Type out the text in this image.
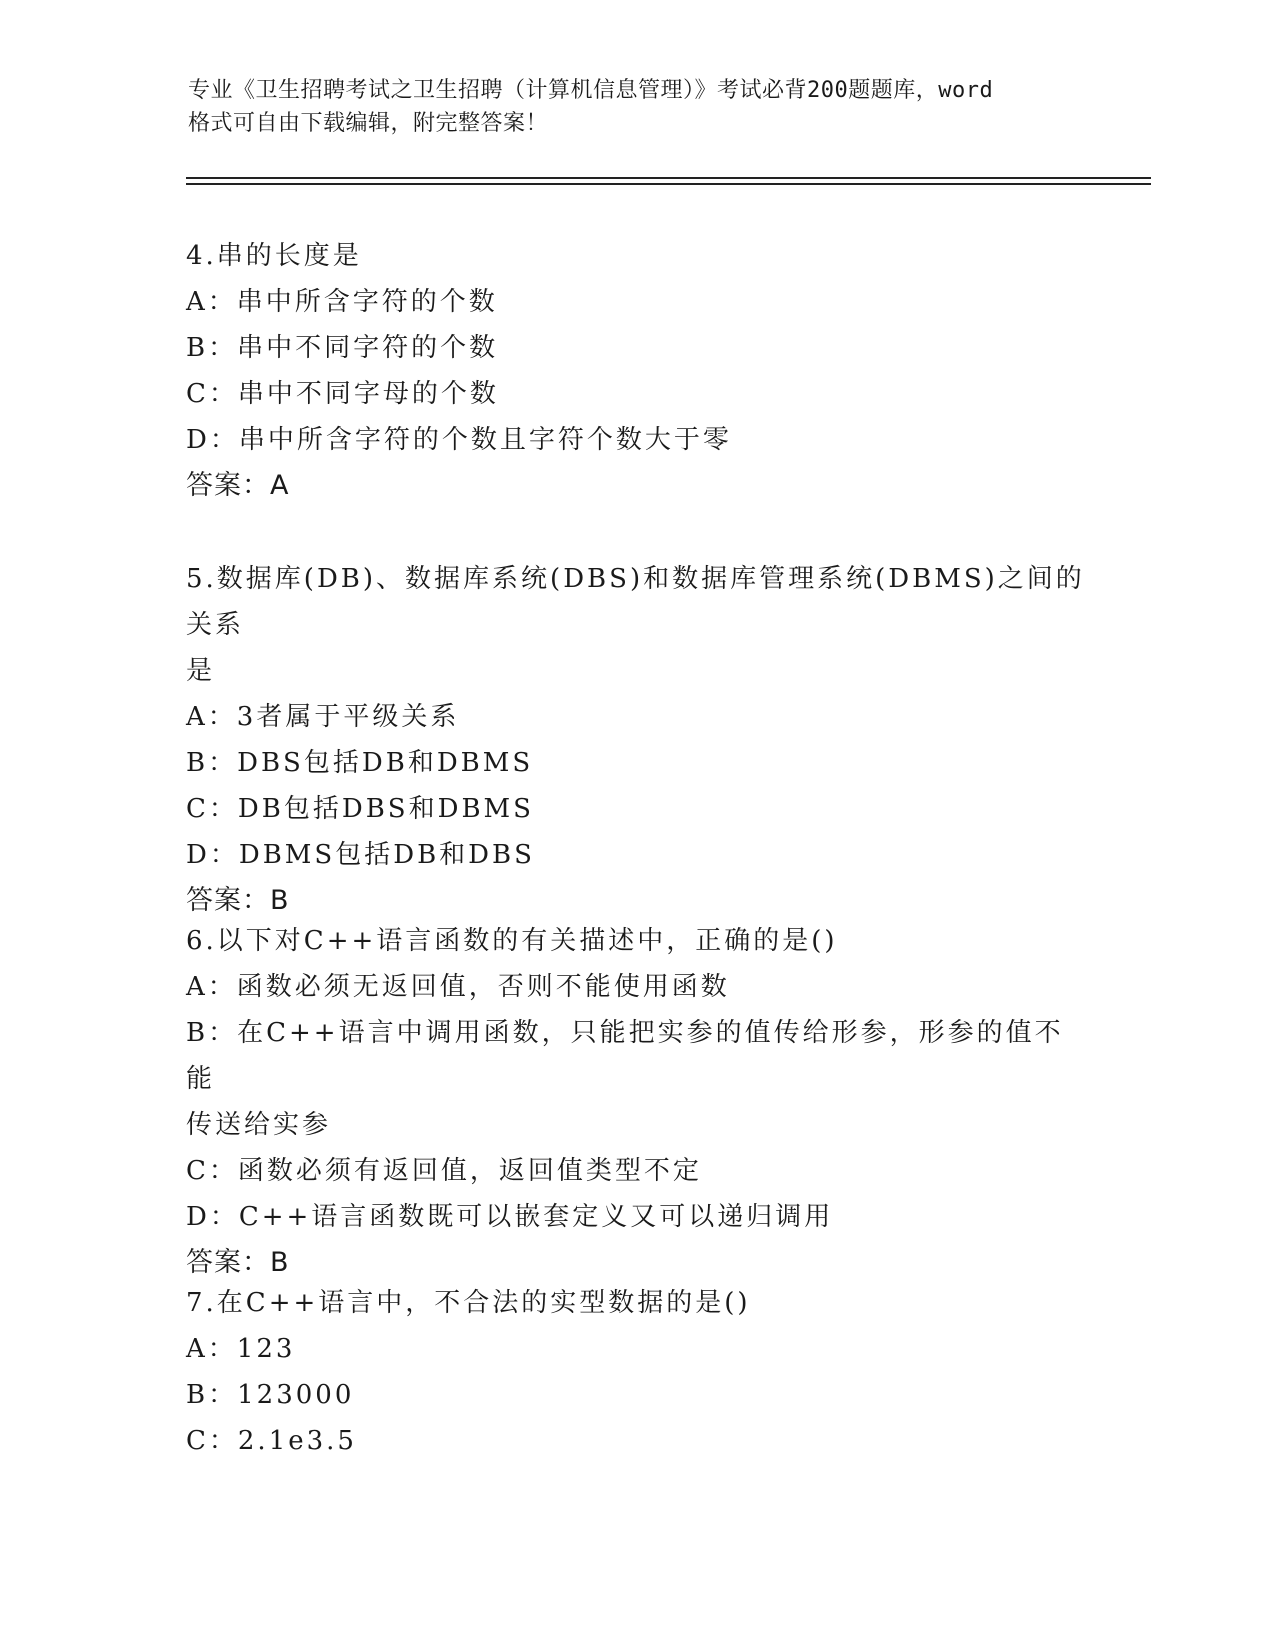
专业《卫生招聘考试之卫生招聘（计算机信息管理）》考试必背200题题库，word
格式可自由下载编辑，附完整答案！
4.串的长度是
A：串中所含字符的个数
B：串中不同字符的个数
C：串中不同字母的个数
D：串中所含字符的个数且字符个数大于零
答案：A
5.数据库(DB)、数据库系统(DBS)和数据库管理系统(DBMS)之间的关系
是
A：3者属于平级关系
B：DBS包括DB和DBMS
C：DB包括DBS和DBMS
D：DBMS包括DB和DBS
答案：B
6.以下对C++语言函数的有关描述中，正确的是()
A：函数必须无返回值，否则不能使用函数
B：在C++语言中调用函数，只能把实参的值传给形参，形参的值不能
传送给实参
C：函数必须有返回值，返回值类型不定
D：C++语言函数既可以嵌套定义又可以递归调用
答案：B
7.在C++语言中，不合法的实型数据的是()
A：123
B：123000
C：2.1e3.5
